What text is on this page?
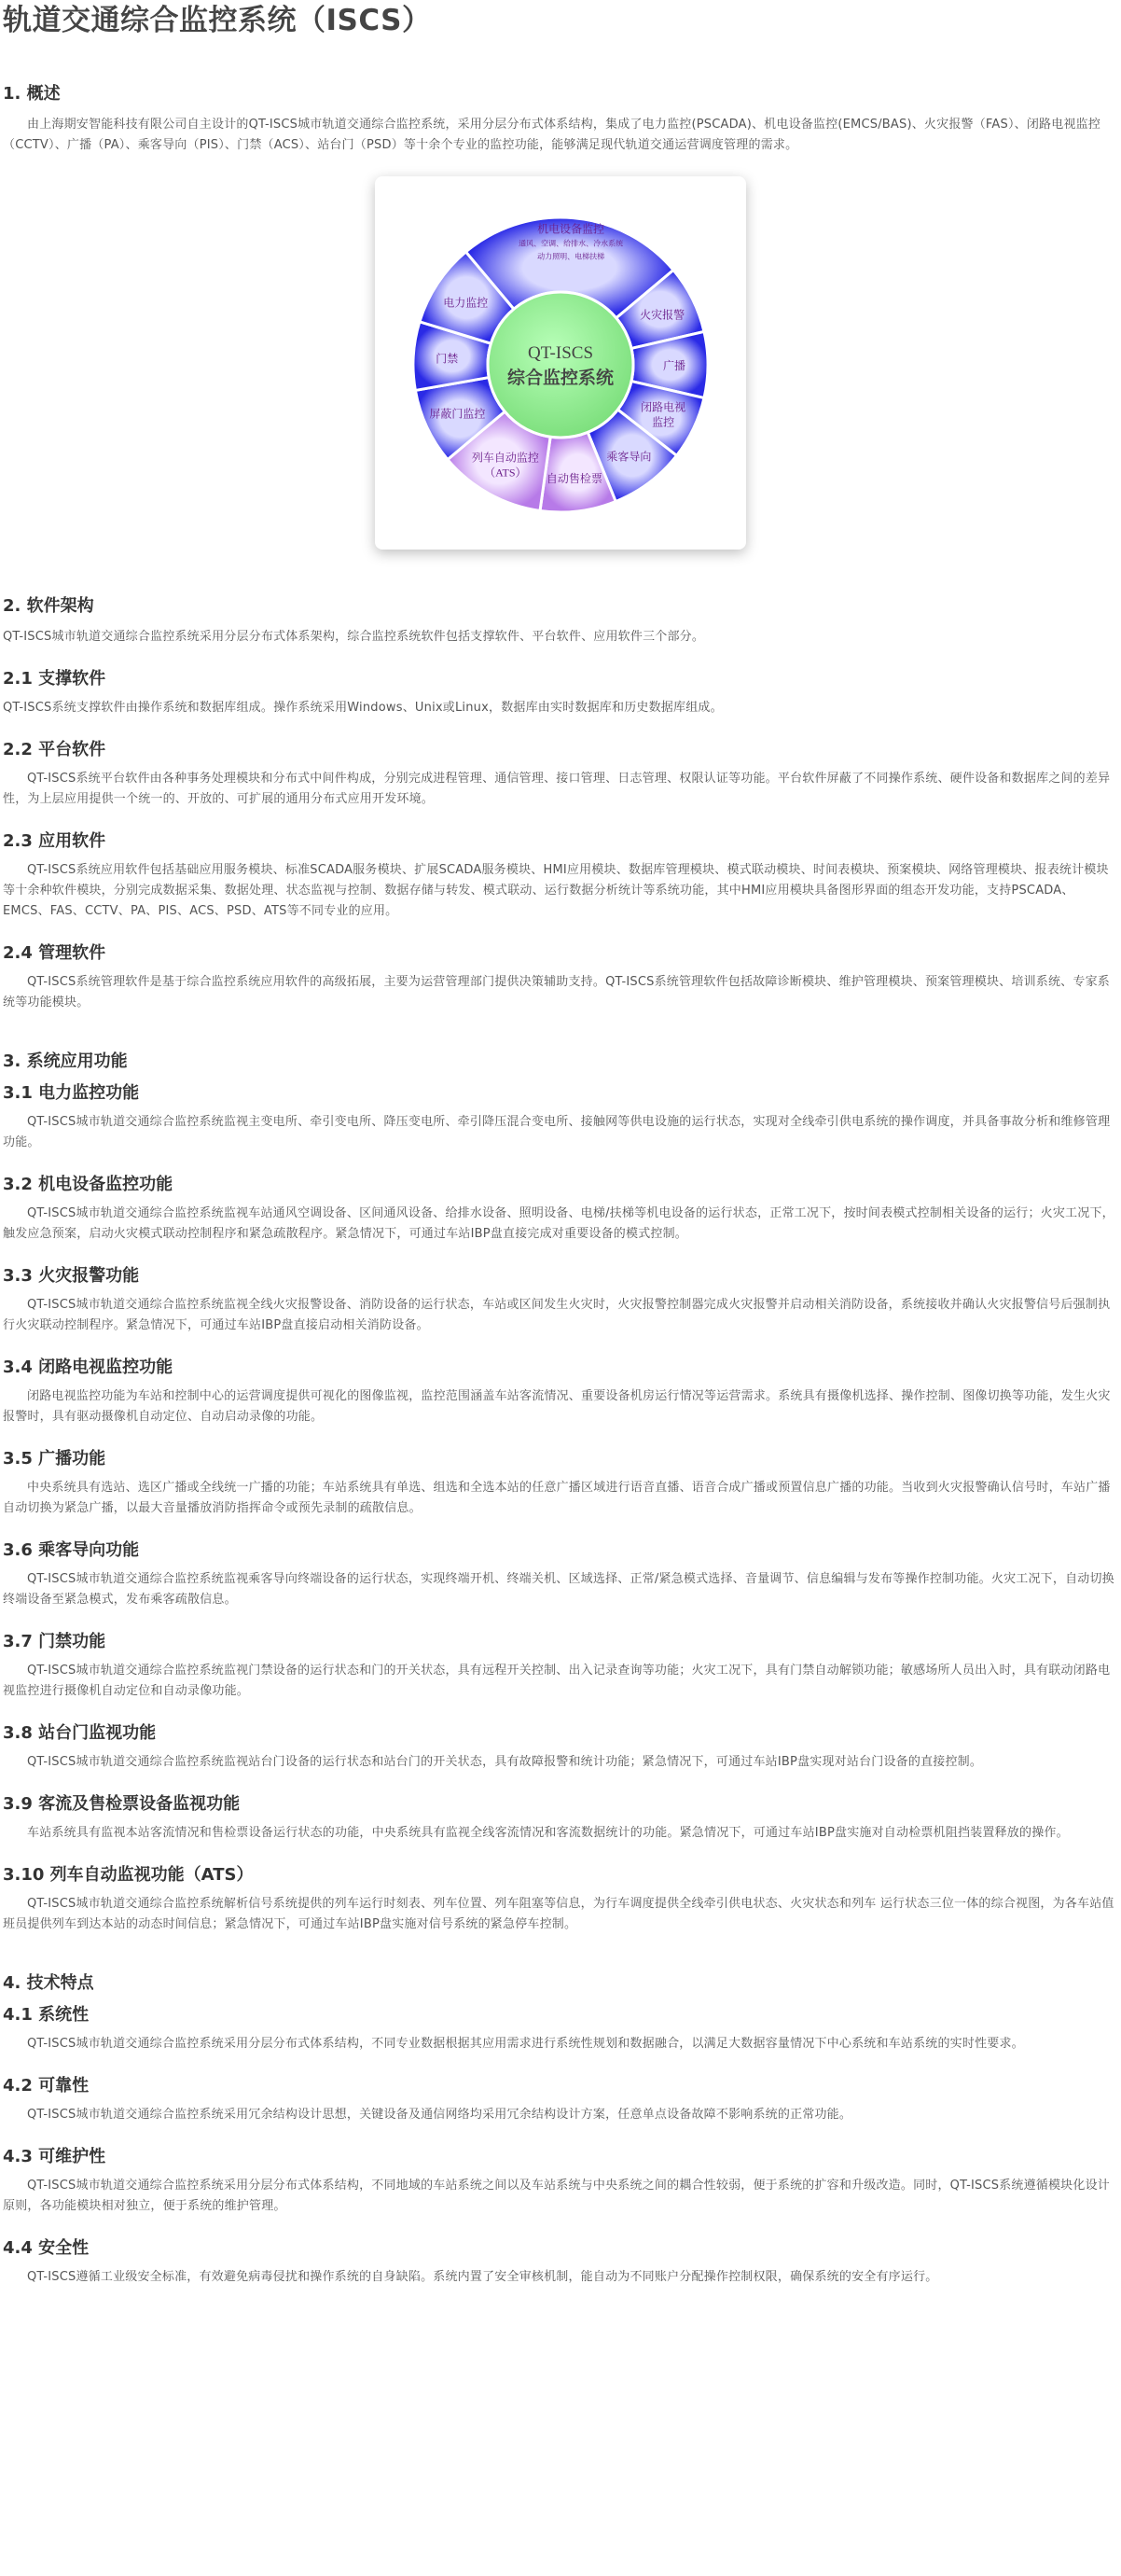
轨道交通综合监控系统（ISCS）
1. 概述

由上海期安智能科技有限公司自主设计的QT-ISCS城市轨道交通综合监控系统，采用分层分布式体系结构，集成了电力监控(PSCADA)、机电设备监控(EMCS/BAS)、火灾报警（FAS）、闭路电视监控（CCTV）、广播（PA）、乘客导向（PIS）、门禁（ACS）、站台门（PSD）等十余个专业的监控功能，能够满足现代轨道交通运营调度管理的需求。

机电设备监控
通风、空调、给排水、冷水系统
动力照明、电梯扶梯
火灾报警
广播
闭路电视
监控
乘客导向
自动售检票
列车自动监控
（ATS）
屏蔽门监控
门禁
电力监控
QT-ISCS
综合监控系统
2. 软件架构

QT-ISCS城市轨道交通综合监控系统采用分层分布式体系架构，综合监控系统软件包括支撑软件、平台软件、应用软件三个部分。

2.1 支撑软件

QT-ISCS系统支撑软件由操作系统和数据库组成。操作系统采用Windows、Unix或Linux，数据库由实时数据库和历史数据库组成。

2.2 平台软件

QT-ISCS系统平台软件由各种事务处理模块和分布式中间件构成，分别完成进程管理、通信管理、接口管理、日志管理、权限认证等功能。平台软件屏蔽了不同操作系统、硬件设备和数据库之间的差异性，为上层应用提供一个统一的、开放的、可扩展的通用分布式应用开发环境。

2.3 应用软件

QT-ISCS系统应用软件包括基础应用服务模块、标准SCADA服务模块、扩展SCADA服务模块、HMI应用模块、数据库管理模块、模式联动模块、时间表模块、预案模块、网络管理模块、报表统计模块等十余种软件模块，分别完成数据采集、数据处理、状态监视与控制、数据存储与转发、模式联动、运行数据分析统计等系统功能，其中HMI应用模块具备图形界面的组态开发功能，支持PSCADA、EMCS、FAS、CCTV、PA、PIS、ACS、PSD、ATS等不同专业的应用。

2.4 管理软件

QT-ISCS系统管理软件是基于综合监控系统应用软件的高级拓展，主要为运营管理部门提供决策辅助支持。QT-ISCS系统管理软件包括故障诊断模块、维护管理模块、预案管理模块、培训系统、专家系统等功能模块。

3. 系统应用功能
3.1 电力监控功能

QT-ISCS城市轨道交通综合监控系统监视主变电所、牵引变电所、降压变电所、牵引降压混合变电所、接触网等供电设施的运行状态，实现对全线牵引供电系统的操作调度，并具备事故分析和维修管理功能。

3.2 机电设备监控功能

QT-ISCS城市轨道交通综合监控系统监视车站通风空调设备、区间通风设备、给排水设备、照明设备、电梯/扶梯等机电设备的运行状态，正常工况下，按时间表模式控制相关设备的运行；火灾工况下，触发应急预案，启动火灾模式联动控制程序和紧急疏散程序。紧急情况下，可通过车站IBP盘直接完成对重要设备的模式控制。

3.3 火灾报警功能

QT-ISCS城市轨道交通综合监控系统监视全线火灾报警设备、消防设备的运行状态，车站或区间发生火灾时，火灾报警控制器完成火灾报警并启动相关消防设备，系统接收并确认火灾报警信号后强制执行火灾联动控制程序。紧急情况下，可通过车站IBP盘直接启动相关消防设备。

3.4 闭路电视监控功能

闭路电视监控功能为车站和控制中心的运营调度提供可视化的图像监视，监控范围涵盖车站客流情况、重要设备机房运行情况等运营需求。系统具有摄像机选择、操作控制、图像切换等功能，发生火灾报警时，具有驱动摄像机自动定位、自动启动录像的功能。

3.5 广播功能

中央系统具有选站、选区广播或全线统一广播的功能；车站系统具有单选、组选和全选本站的任意广播区域进行语音直播、语音合成广播或预置信息广播的功能。当收到火灾报警确认信号时，车站广播自动切换为紧急广播，以最大音量播放消防指挥命令或预先录制的疏散信息。

3.6 乘客导向功能

QT-ISCS城市轨道交通综合监控系统监视乘客导向终端设备的运行状态，实现终端开机、终端关机、区域选择、正常/紧急模式选择、音量调节、信息编辑与发布等操作控制功能。火灾工况下，自动切换终端设备至紧急模式，发布乘客疏散信息。

3.7 门禁功能

QT-ISCS城市轨道交通综合监控系统监视门禁设备的运行状态和门的开关状态，具有远程开关控制、出入记录查询等功能；火灾工况下，具有门禁自动解锁功能；敏感场所人员出入时，具有联动闭路电视监控进行摄像机自动定位和自动录像功能。

3.8 站台门监视功能

QT-ISCS城市轨道交通综合监控系统监视站台门设备的运行状态和站台门的开关状态，具有故障报警和统计功能；紧急情况下，可通过车站IBP盘实现对站台门设备的直接控制。

3.9 客流及售检票设备监视功能

车站系统具有监视本站客流情况和售检票设备运行状态的功能，中央系统具有监视全线客流情况和客流数据统计的功能。紧急情况下，可通过车站IBP盘实施对自动检票机阻挡装置释放的操作。

3.10 列车自动监视功能（ATS）

QT-ISCS城市轨道交通综合监控系统解析信号系统提供的列车运行时刻表、列车位置、列车阻塞等信息，为行车调度提供全线牵引供电状态、火灾状态和列车 运行状态三位一体的综合视图，为各车站值班员提供列车到达本站的动态时间信息；紧急情况下，可通过车站IBP盘实施对信号系统的紧急停车控制。

4. 技术特点
4.1 系统性

QT-ISCS城市轨道交通综合监控系统采用分层分布式体系结构，不同专业数据根据其应用需求进行系统性规划和数据融合，以满足大数据容量情况下中心系统和车站系统的实时性要求。

4.2 可靠性

QT-ISCS城市轨道交通综合监控系统采用冗余结构设计思想，关键设备及通信网络均采用冗余结构设计方案，任意单点设备故障不影响系统的正常功能。

4.3 可维护性

QT-ISCS城市轨道交通综合监控系统采用分层分布式体系结构，不同地域的车站系统之间以及车站系统与中央系统之间的耦合性较弱，便于系统的扩容和升级改造。同时，QT-ISCS系统遵循模块化设计原则，各功能模块相对独立，便于系统的维护管理。

4.4 安全性

QT-ISCS遵循工业级安全标准，有效避免病毒侵扰和操作系统的自身缺陷。系统内置了安全审核机制，能自动为不同账户分配操作控制权限，确保系统的安全有序运行。
